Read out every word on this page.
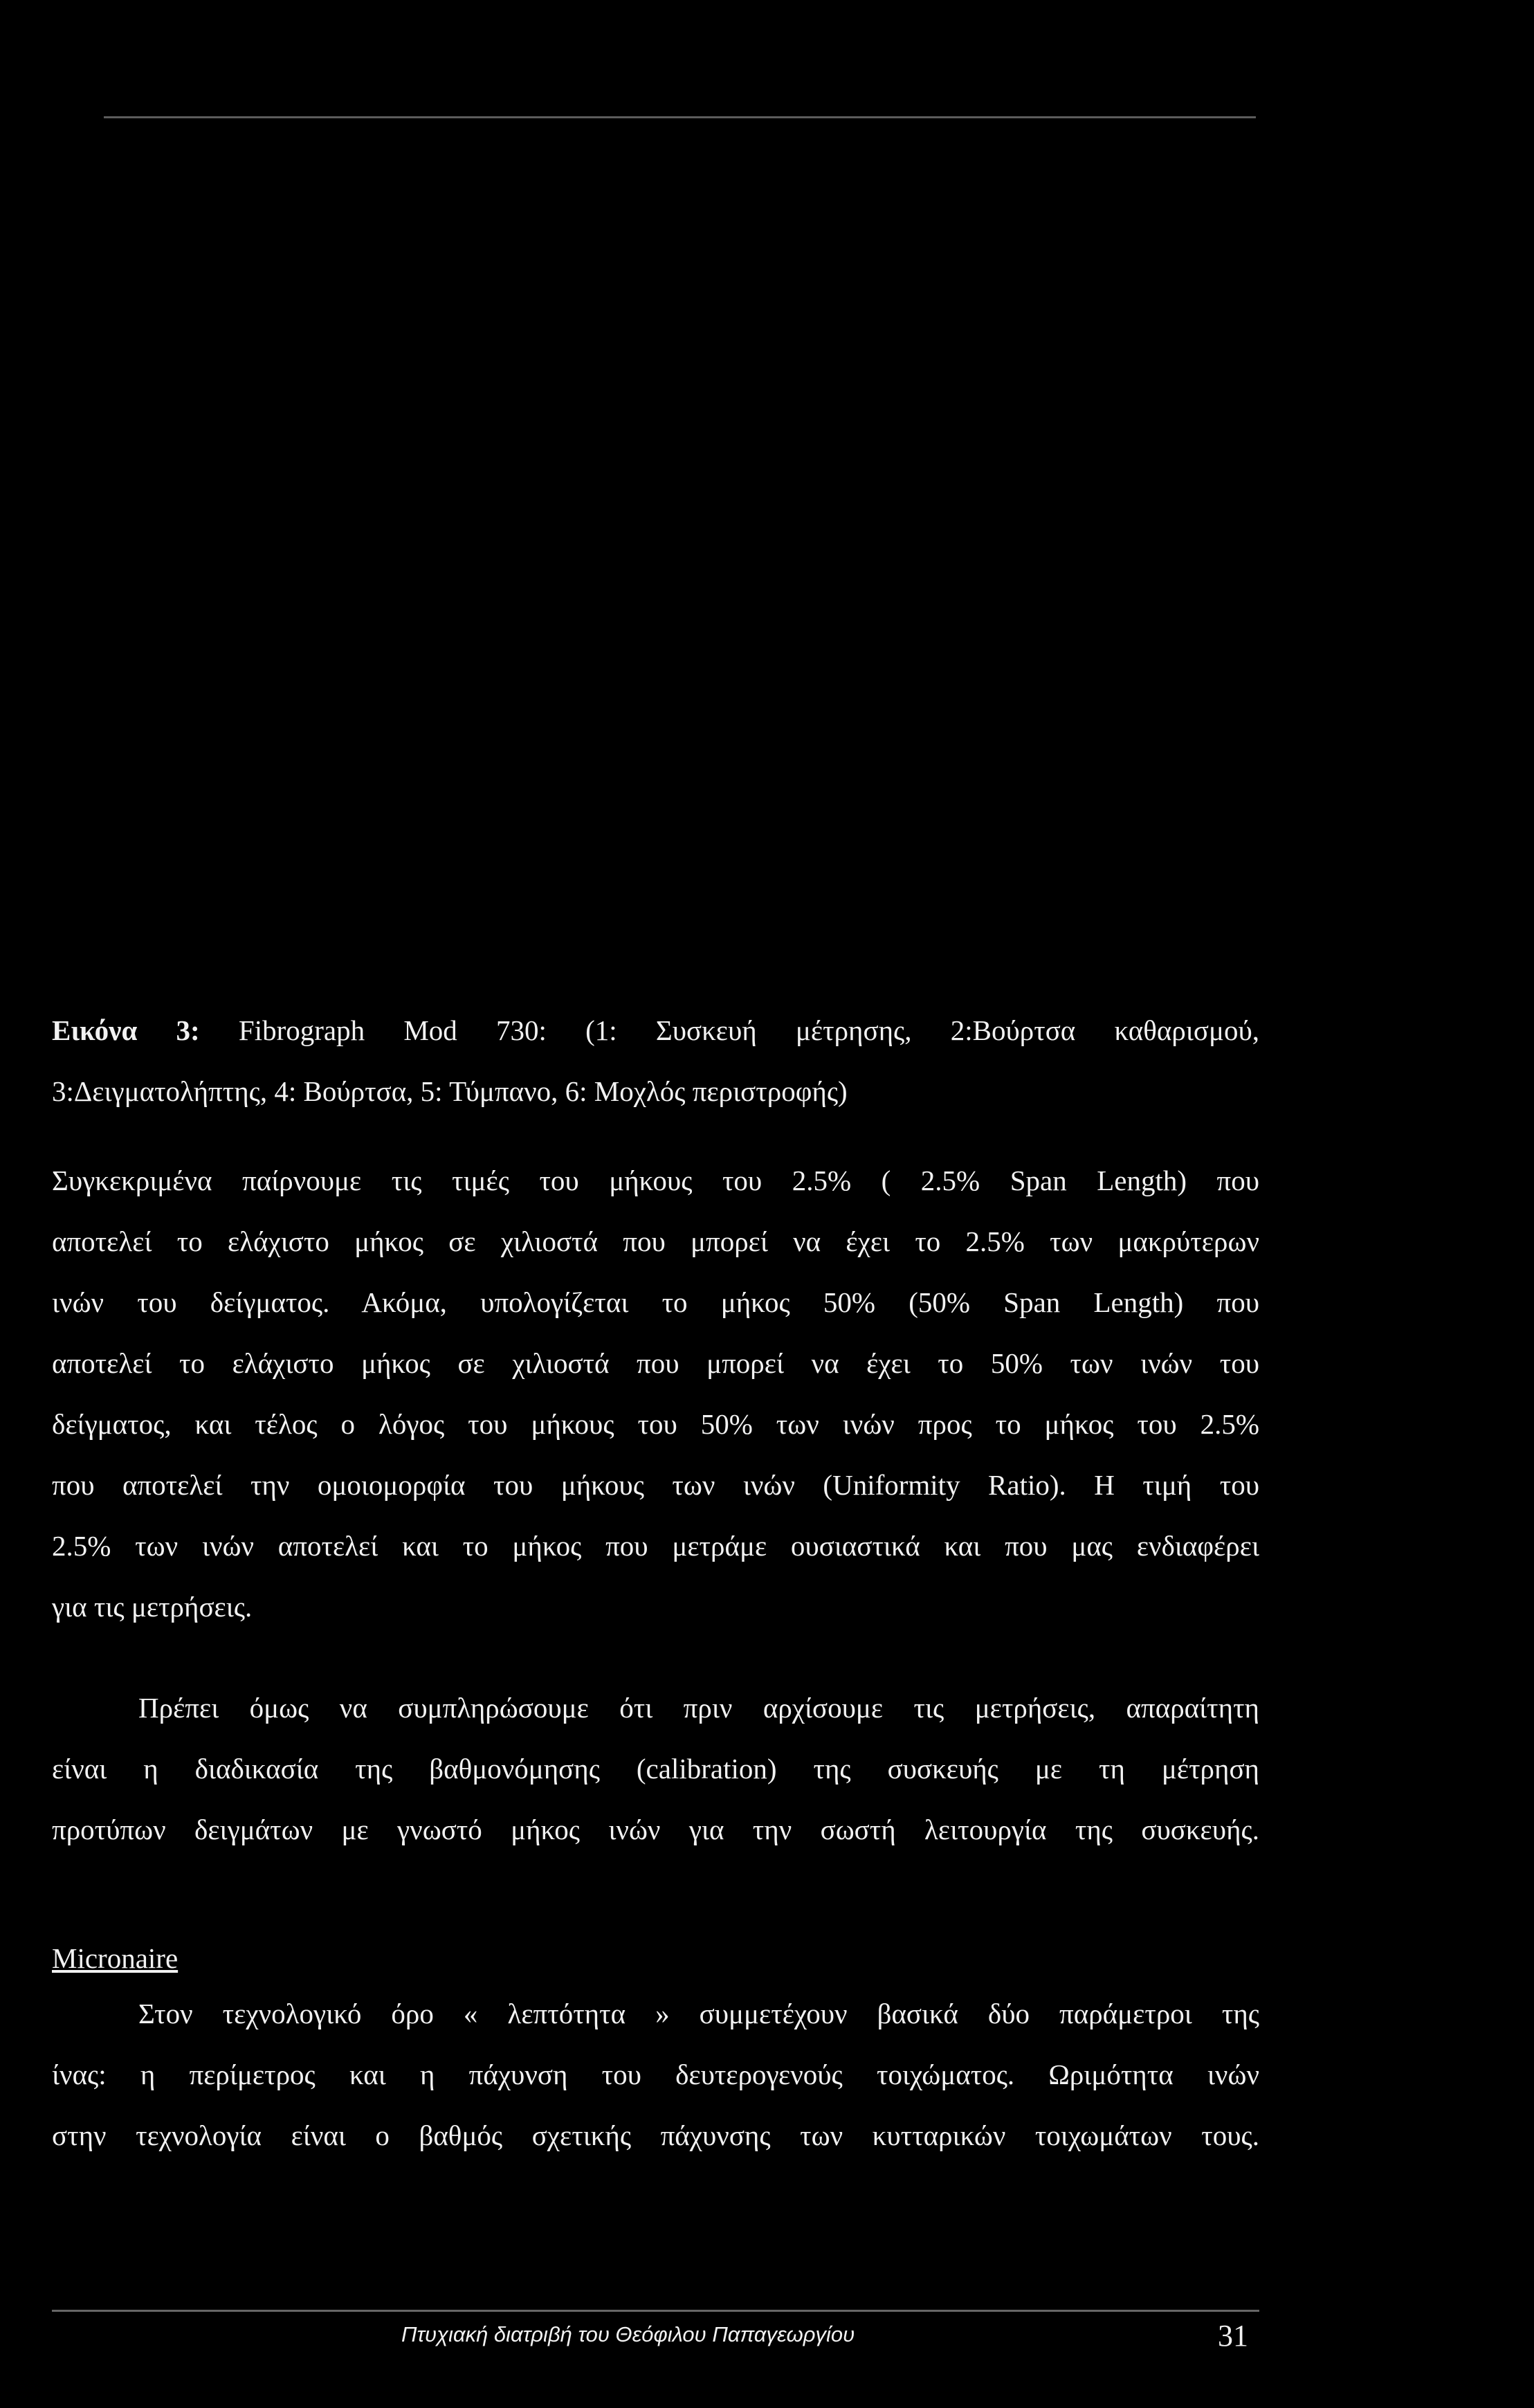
Εικόνα 3: Fibrograph Mod 730: (1: Συσκευή μέτρησης, 2:Βούρτσα καθαρισμού,
3:Δειγματολήπτης, 4: Βούρτσα, 5: Τύμπανο, 6: Μοχλός περιστροφής)
Συγκεκριμένα παίρνουμε τις τιμές του μήκους του 2.5% ( 2.5% Span Length) που
αποτελεί το ελάχιστο μήκος σε χιλιοστά που μπορεί να έχει το 2.5% των μακρύτερων
ινών του δείγματος. Ακόμα, υπολογίζεται το μήκος 50% (50% Span Length) που
αποτελεί το ελάχιστο μήκος σε χιλιοστά που μπορεί να έχει το 50% των ινών του
δείγματος, και τέλος ο λόγος του μήκους του 50% των ινών προς το μήκος του 2.5%
που αποτελεί την ομοιομορφία του μήκους των ινών (Uniformity Ratio). Η τιμή του
2.5% των ινών αποτελεί και το μήκος που μετράμε ουσιαστικά και που μας ενδιαφέρει
για τις μετρήσεις.
Πρέπει όμως να συμπληρώσουμε ότι πριν αρχίσουμε τις μετρήσεις, απαραίτητη
είναι η διαδικασία της βαθμονόμησης (calibration) της συσκευής με τη μέτρηση
προτύπων δειγμάτων με γνωστό μήκος ινών για την σωστή λειτουργία της συσκευής.
Micronaire
Στον τεχνολογικό όρο « λεπτότητα » συμμετέχουν βασικά δύο παράμετροι της
ίνας: η περίμετρος και η πάχυνση του δευτερογενούς τοιχώματος. Ωριμότητα ινών
στην τεχνολογία είναι ο βαθμός σχετικής πάχυνσης των κυτταρικών τοιχωμάτων τους.
Πτυχιακή διατριβή του Θεόφιλου Παπαγεωργίου	31
